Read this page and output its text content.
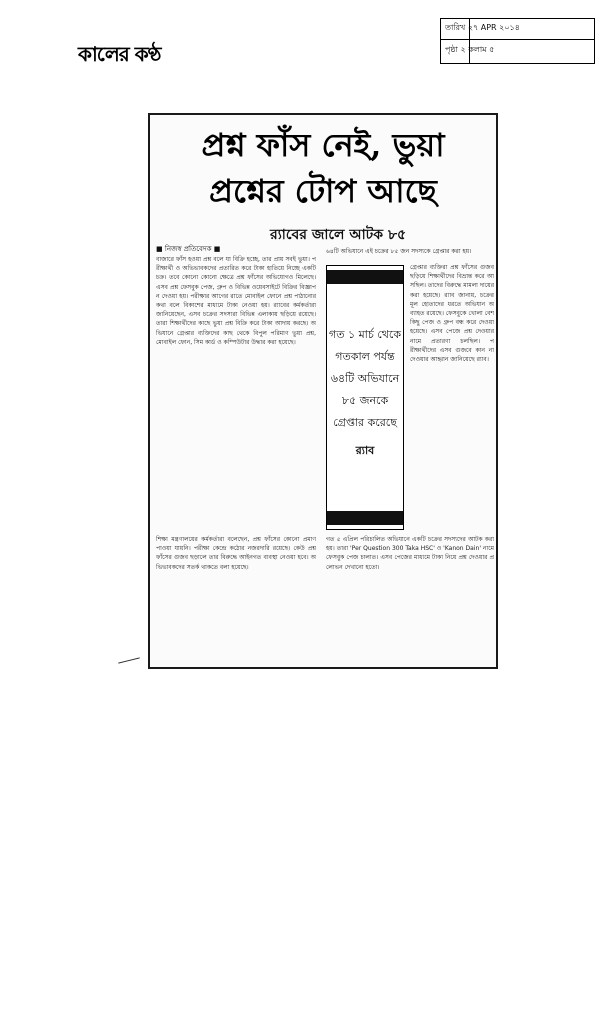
কালের কণ্ঠ
তারিখ ২৭ APR ২০১৪
পৃষ্ঠা ২ কলাম ৫
প্রশ্ন ফাঁস নেই, ভুয়া
প্রশ্নের টোপ আছে
র‍্যাবের জালে আটক ৮৫
■ নিজস্ব প্রতিবেদক ■
বাজারে ফাঁস হওয়া প্রশ্ন বলে যা বিক্রি হচ্ছে, তার প্রায় সবই ভুয়া। পরীক্ষার্থী ও অভিভাবকদের প্রতারিত করে টাকা হাতিয়ে নিচ্ছে একটি চক্র। তবে কোনো কোনো ক্ষেত্রে প্রশ্ন ফাঁসের অভিযোগও মিলেছে। এসব প্রশ্ন ফেসবুক পেজ, গ্রুপ ও বিভিন্ন ওয়েবসাইটে বিক্রির বিজ্ঞাপন দেওয়া হয়। পরীক্ষার আগের রাতে মোবাইল ফোনে প্রশ্ন পাঠানোর কথা বলে বিকাশের মাধ্যমে টাকা নেওয়া হয়। র‍্যাবের কর্মকর্তারা জানিয়েছেন, এসব চক্রের সদস্যরা বিভিন্ন এলাকায় ছড়িয়ে রয়েছে। তারা শিক্ষার্থীদের কাছে ভুয়া প্রশ্ন বিক্রি করে টাকা আদায় করছে। অভিযানে গ্রেপ্তার ব্যক্তিদের কাছ থেকে বিপুল পরিমাণ ভুয়া প্রশ্ন, মোবাইল ফোন, সিম কার্ড ও কম্পিউটার উদ্ধার করা হয়েছে।
৬৪টি অভিযানে এই চক্রের ৮৫ জন সদস্যকে গ্রেপ্তার করা হয়।
গ্রেপ্তার ব্যক্তিরা প্রশ্ন ফাঁসের গুজব ছড়িয়ে শিক্ষার্থীদের বিভ্রান্ত করে আসছিল। তাদের বিরুদ্ধে মামলা দায়ের করা হয়েছে। র‍্যাব জানায়, চক্রের মূল হোতাদের ধরতে অভিযান অব্যাহত রয়েছে। ফেসবুকে খোলা বেশ কিছু পেজ ও গ্রুপ বন্ধ করে দেওয়া হয়েছে। এসব পেজে প্রশ্ন দেওয়ার নামে প্রতারণা চলছিল। পরীক্ষার্থীদের এসব গুজবে কান না দেওয়ার আহ্বান জানিয়েছে র‍্যাব।
গত ১ মার্চ থেকে
গতকাল পর্যন্ত
৬৪টি অভিযানে
৮৫ জনকে
গ্রেপ্তার করেছে
র‍্যাব
শিক্ষা মন্ত্রণালয়ের কর্মকর্তারা বলেছেন, প্রশ্ন ফাঁসের কোনো প্রমাণ পাওয়া যায়নি। পরীক্ষা কেন্দ্রে কঠোর নজরদারি রয়েছে। কেউ প্রশ্ন ফাঁসের গুজব ছড়ালে তার বিরুদ্ধে আইনগত ব্যবস্থা নেওয়া হবে। অভিভাবকদের সতর্ক থাকতে বলা হয়েছে।
গত ৫ এপ্রিল পরিচালিত অভিযানে একটি চক্রের সদস্যদের আটক করা হয়। তারা 'Per Question 300 Taka HSC' ও 'Kanon Dain' নামে ফেসবুক পেজ চালাত। এসব পেজের মাধ্যমে টাকা নিয়ে প্রশ্ন দেওয়ার প্রলোভন দেখানো হতো।
